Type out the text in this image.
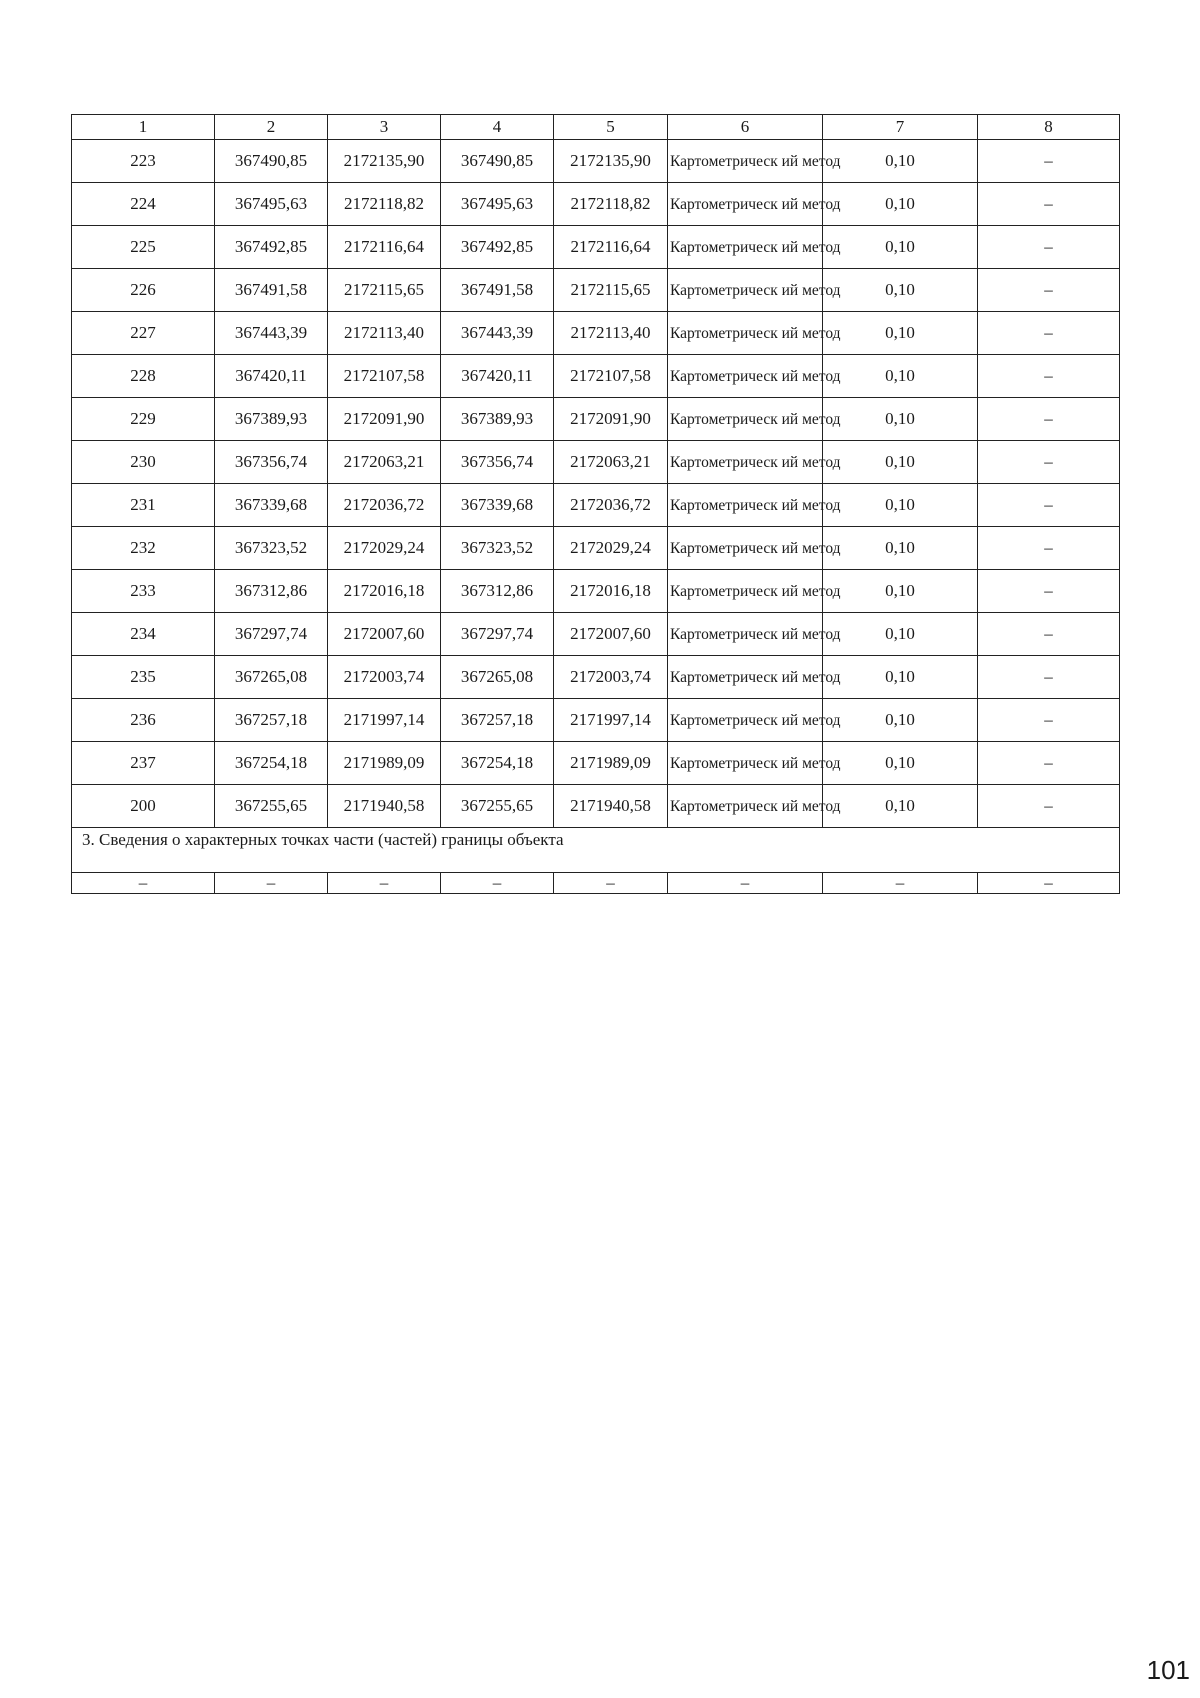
1	2	3	4	5	6	7	8
223	367490,85	2172135,90	367490,85	2172135,90	Картометрическ ий метод	0,10	–
224	367495,63	2172118,82	367495,63	2172118,82	Картометрическ ий метод	0,10	–
225	367492,85	2172116,64	367492,85	2172116,64	Картометрическ ий метод	0,10	–
226	367491,58	2172115,65	367491,58	2172115,65	Картометрическ ий метод	0,10	–
227	367443,39	2172113,40	367443,39	2172113,40	Картометрическ ий метод	0,10	–
228	367420,11	2172107,58	367420,11	2172107,58	Картометрическ ий метод	0,10	–
229	367389,93	2172091,90	367389,93	2172091,90	Картометрическ ий метод	0,10	–
230	367356,74	2172063,21	367356,74	2172063,21	Картометрическ ий метод	0,10	–
231	367339,68	2172036,72	367339,68	2172036,72	Картометрическ ий метод	0,10	–
232	367323,52	2172029,24	367323,52	2172029,24	Картометрическ ий метод	0,10	–
233	367312,86	2172016,18	367312,86	2172016,18	Картометрическ ий метод	0,10	–
234	367297,74	2172007,60	367297,74	2172007,60	Картометрическ ий метод	0,10	–
235	367265,08	2172003,74	367265,08	2172003,74	Картометрическ ий метод	0,10	–
236	367257,18	2171997,14	367257,18	2171997,14	Картометрическ ий метод	0,10	–
237	367254,18	2171989,09	367254,18	2171989,09	Картометрическ ий метод	0,10	–
200	367255,65	2171940,58	367255,65	2171940,58	Картометрическ ий метод	0,10	–
3. Сведения о характерных точках части (частей) границы объекта							
–	–	–	–	–	–	–	–
101
